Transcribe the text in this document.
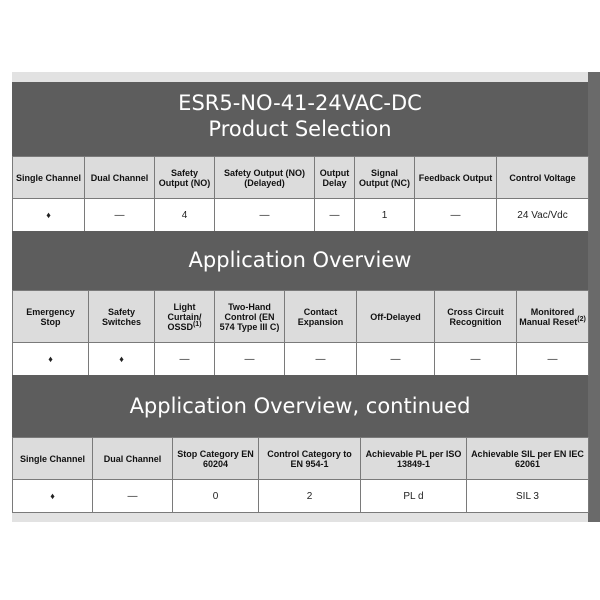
ESR5-NO-41-24VAC-DC
Product Selection
Single Channel	Dual Channel	Safety Output (NO)	Safety Output (NO) (Delayed)	Output Delay	Signal Output (NC)	Feedback Output	Control Voltage
♦	—	4	—	—	1	—	24 Vac/Vdc
Application Overview
Emergency Stop	Safety Switches	Light Curtain/ OSSD$^{(1)}$	Two-Hand Control (EN 574 Type III C)	Contact Expansion	Off-Delayed	Cross Circuit Recognition	Monitored Manual Reset$^{(2)}$
♦	♦	—	—	—	—	—	—
Application Overview, continued
Single Channel	Dual Channel	Stop Category EN 60204	Control Category to EN 954-1	Achievable PL per ISO 13849-1	Achievable SIL per EN IEC 62061
♦	—	0	2	PL d	SIL 3
